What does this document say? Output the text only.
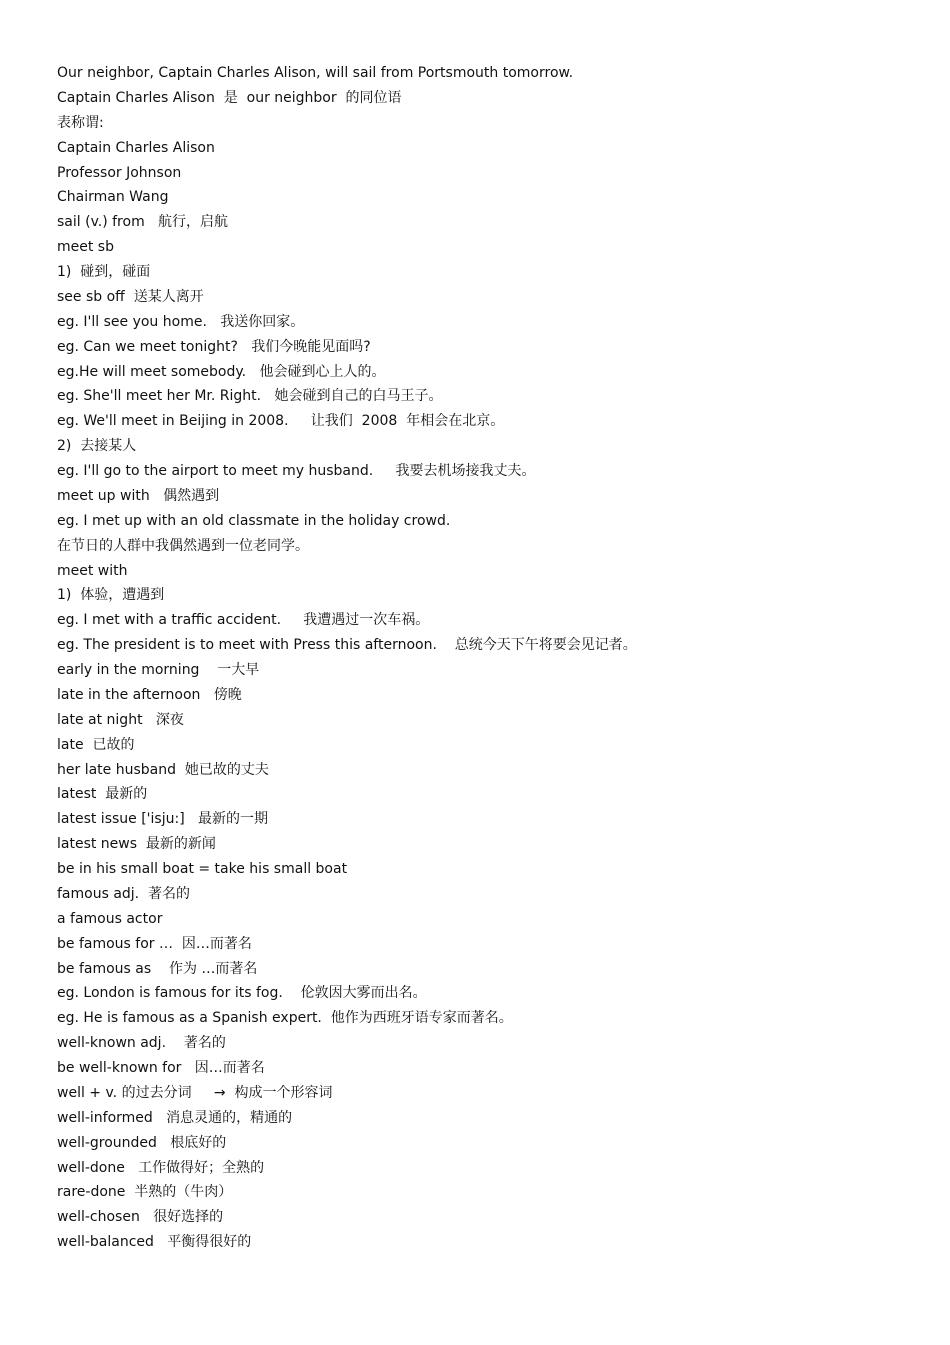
Our neighbor, Captain Charles Alison, will sail from Portsmouth tomorrow.

Captain Charles Alison  是  our neighbor  的同位语

表称谓:

Captain Charles Alison

Professor Johnson

Chairman Wang

sail (v.) from   航行，启航

meet sb

1)  碰到，碰面

see sb off  送某人离开

eg. I'll see you home.   我送你回家。

eg. Can we meet tonight?   我们今晚能见面吗?

eg.He will meet somebody.   他会碰到心上人的。

eg. She'll meet her Mr. Right.   她会碰到自己的白马王子。

eg. We'll meet in Beijing in 2008.     让我们  2008  年相会在北京。

2)  去接某人

eg. I'll go to the airport to meet my husband.     我要去机场接我丈夫。

meet up with   偶然遇到

eg. I met up with an old classmate in the holiday crowd.

在节日的人群中我偶然遇到一位老同学。

meet with

1)  体验，遭遇到

eg. I met with a traffic accident.     我遭遇过一次车祸。

eg. The president is to meet with Press this afternoon.    总统今天下午将要会见记者。

early in the morning    一大早

late in the afternoon   傍晚

late at night   深夜

late  已故的

her late husband  她已故的丈夫

latest  最新的

latest issue ['isju:]   最新的一期

latest news  最新的新闻

be in his small boat = take his small boat

famous adj.  著名的

a famous actor

be famous for …  因…而著名

be famous as    作为 …而著名

eg. London is famous for its fog.    伦敦因大雾而出名。

eg. He is famous as a Spanish expert.  他作为西班牙语专家而著名。

well-known adj.    著名的

be well-known for   因…而著名

well + v. 的过去分词     →  构成一个形容词

well-informed   消息灵通的，精通的

well-grounded   根底好的

well-done   工作做得好；全熟的

rare-done  半熟的（牛肉）

well-chosen   很好选择的

well-balanced   平衡得很好的
